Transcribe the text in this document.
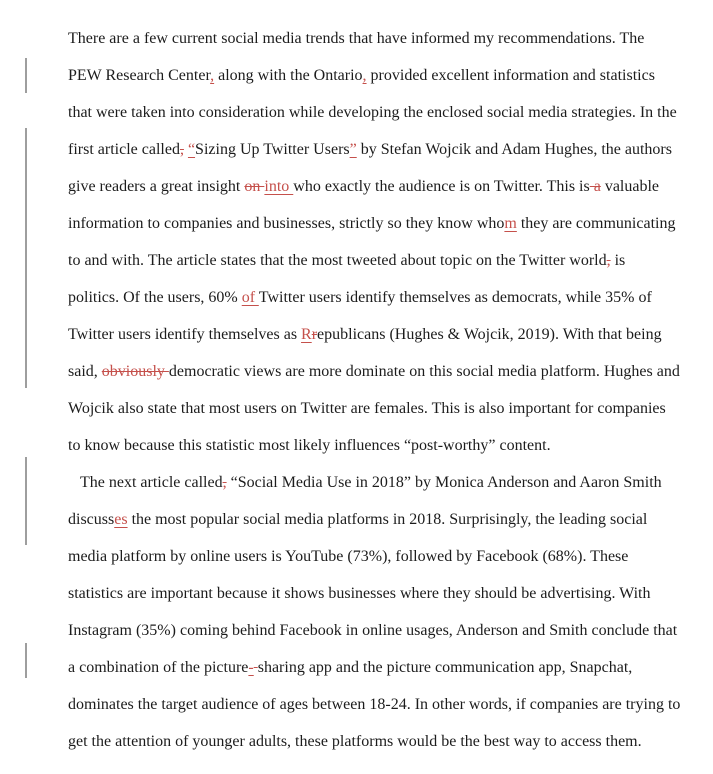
There are a few current social media trends that have informed my recommendations. The
PEW Research Center, along with the Ontario, provided excellent information and statistics
that were taken into consideration while developing the enclosed social media strategies. In the
first article called, “Sizing Up Twitter Users” by Stefan Wojcik and Adam Hughes, the authors
give readers a great insight on into who exactly the audience is on Twitter. This is a valuable
information to companies and businesses, strictly so they know whom they are communicating
to and with. The article states that the most tweeted about topic on the Twitter world, is
politics. Of the users, 60% of Twitter users identify themselves as democrats, while 35% of
Twitter users identify themselves as Rrepublicans (Hughes & Wojcik, 2019). With that being
said, obviously democratic views are more dominate on this social media platform. Hughes and
Wojcik also state that most users on Twitter are females. This is also important for companies
to know because this statistic most likely influences “post-worthy” content.
The next article called, “Social Media Use in 2018” by Monica Anderson and Aaron Smith
discusses the most popular social media platforms in 2018. Surprisingly, the leading social
media platform by online users is YouTube (73%), followed by Facebook (68%). These
statistics are important because it shows businesses where they should be advertising. With
Instagram (35%) coming behind Facebook in online usages, Anderson and Smith conclude that
a combination of the picture- sharing app and the picture communication app, Snapchat,
dominates the target audience of ages between 18-24. In other words, if companies are trying to
get the attention of younger adults, these platforms would be the best way to access them.
